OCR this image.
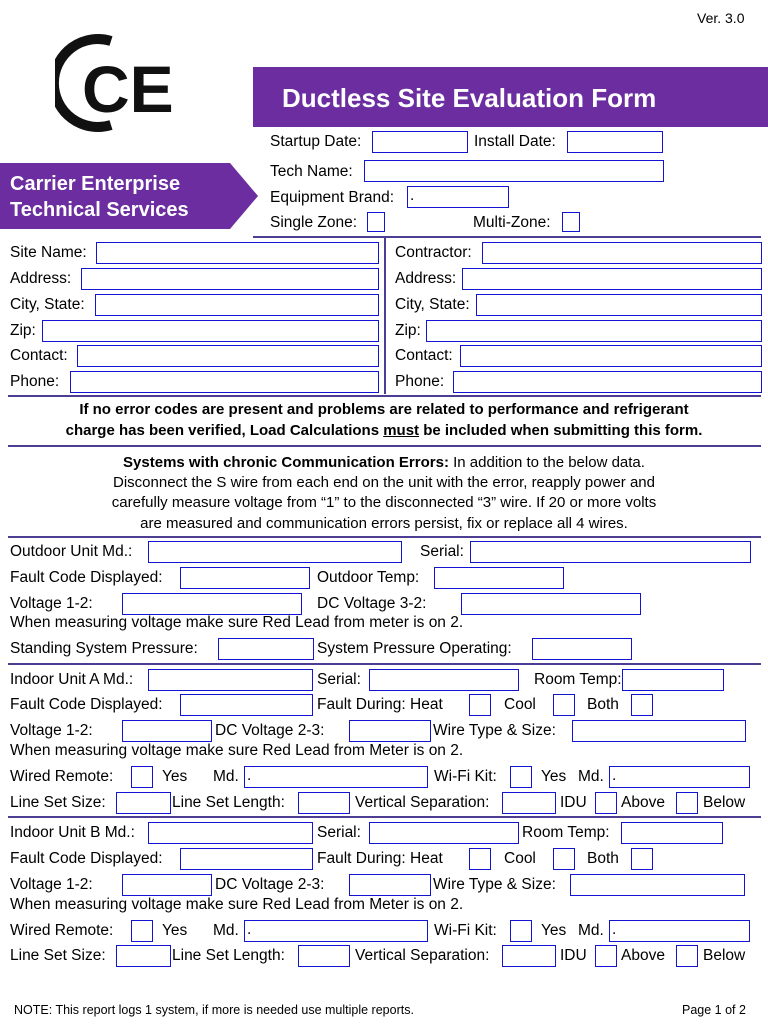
Ver. 3.0
CE	Ductless Site Evaluation Form
Carrier Enterprise
Technical Services
Startup Date:	Install Date:
Tech Name:
Equipment Brand: .
Single Zone:	Multi-Zone:
Site Name:
Address:
City, State:
Zip:
Contact:
Phone:
Contractor:
Address:
City, State:
Zip:
Contact:
Phone:
If no error codes are present and problems are related to performance and refrigerant
charge has been verified, Load Calculations must be included when submitting this form.
Systems with chronic Communication Errors: In addition to the below data.
Disconnect the S wire from each end on the unit with the error, reapply power and
carefully measure voltage from “1” to the disconnected “3” wire. If 20 or more volts
are measured and communication errors persist, fix or replace all 4 wires.
Outdoor Unit Md.:	Serial:
Fault Code Displayed:	Outdoor Temp:
Voltage 1-2:	DC Voltage 3-2:
When measuring voltage make sure Red Lead from meter is on 2.
Standing System Pressure:	System Pressure Operating:
Indoor Unit A Md.:	Serial:	Room Temp:
Fault Code Displayed:	Fault During: Heat	Cool	Both
Voltage 1-2:	DC Voltage 2-3:	Wire Type & Size:
When measuring voltage make sure Red Lead from Meter is on 2.
Wired Remote:	Yes Md. .	Wi-Fi Kit:	Yes Md. .
Line Set Size:	Line Set Length:	Vertical Separation:	IDU Above Below
Indoor Unit B Md.:	Serial:	Room Temp:
Fault Code Displayed:	Fault During: Heat	Cool	Both
Voltage 1-2:	DC Voltage 2-3:	Wire Type & Size:
When measuring voltage make sure Red Lead from Meter is on 2.
Wired Remote:	Yes Md. .	Wi-Fi Kit:	Yes Md. .
Line Set Size:	Line Set Length:	Vertical Separation:	IDU Above Below
NOTE: This report logs 1 system, if more is needed use multiple reports.	Page 1 of 2
